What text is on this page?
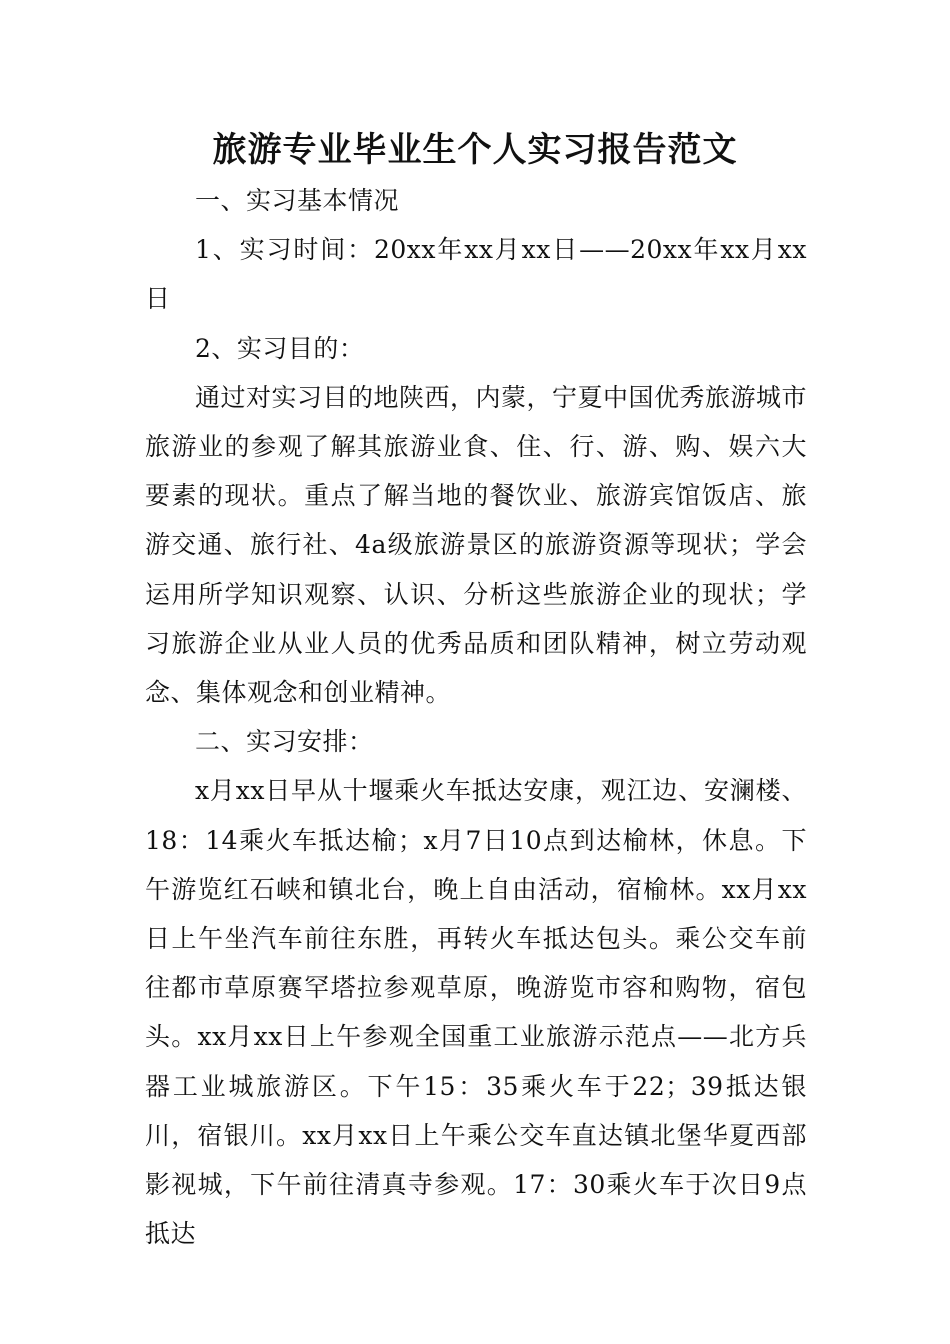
旅游专业毕业生个人实习报告范文

一、实习基本情况

1、实习时间：20xx年xx月xx日——20xx年xx月xx日

2、实习目的：

通过对实习目的地陕西，内蒙，宁夏中国优秀旅游城市旅游业的参观了解其旅游业食、住、行、游、购、娱六大要素的现状。重点了解当地的餐饮业、旅游宾馆饭店、旅游交通、旅行社、4a级旅游景区的旅游资源等现状；学会运用所学知识观察、认识、分析这些旅游企业的现状；学习旅游企业从业人员的优秀品质和团队精神，树立劳动观念、集体观念和创业精神。

二、实习安排：

x月xx日早从十堰乘火车抵达安康，观江边、安澜楼、18：14乘火车抵达榆；x月7日10点到达榆林，休息。下午游览红石峡和镇北台，晚上自由活动，宿榆林。xx月xx日上午坐汽车前往东胜，再转火车抵达包头。乘公交车前往都市草原赛罕塔拉参观草原，晚游览市容和购物，宿包头。xx月xx日上午参观全国重工业旅游示范点——北方兵器工业城旅游区。下午15：35乘火车于22；39抵达银川，宿银川。xx月xx日上午乘公交车直达镇北堡华夏西部影视城，下午前往清真寺参观。17：30乘火车于次日9点抵达
